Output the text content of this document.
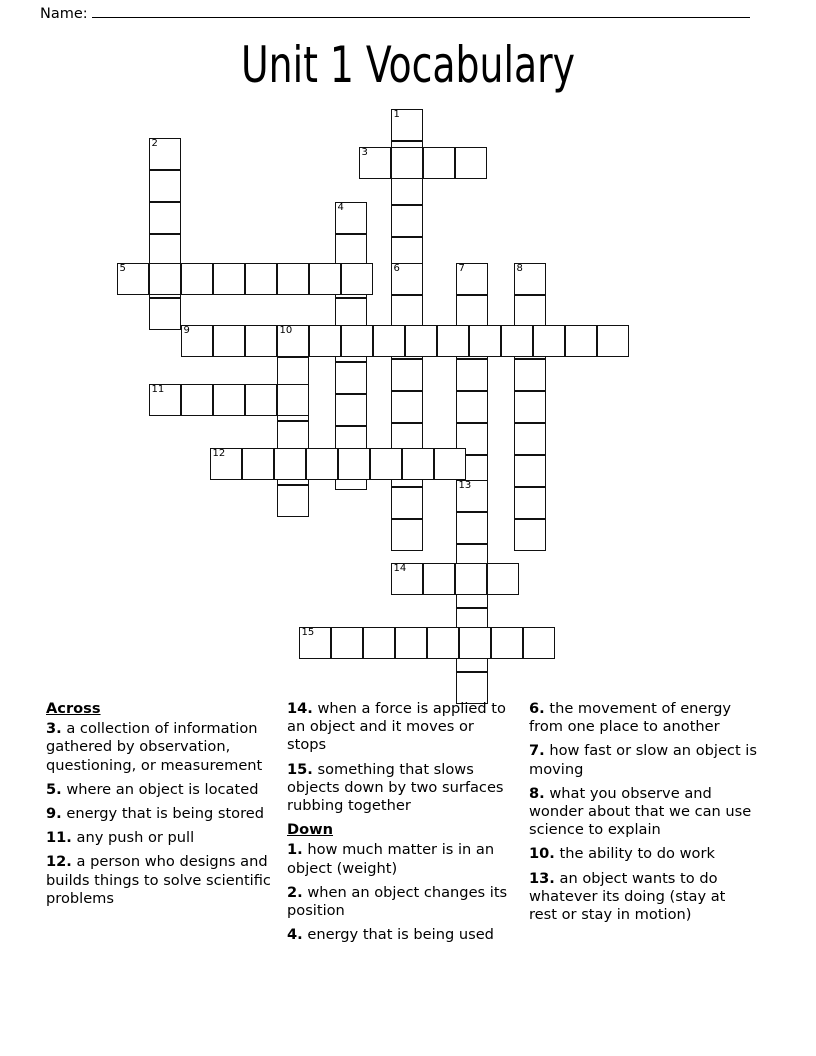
Name:
Unit 1 Vocabulary
1
2
3
4
5	6	7	8
9	10
11
12
13
14
15
Across

3. a collection of information gathered by observation, questioning, or measurement

5. where an object is located

9. energy that is being stored

11. any push or pull

12. a person who designs and builds things to solve scientific problems

14. when a force is applied to an object and it moves or stops

15. something that slows objects down by two surfaces rubbing together

Down

1. how much matter is in an object (weight)

2. when an object changes its position

4. energy that is being used

6. the movement of energy from one place to another

7. how fast or slow an object is moving

8. what you observe and wonder about that we can use science to explain

10. the ability to do work

13. an object wants to do whatever its doing (stay at rest or stay in motion)
